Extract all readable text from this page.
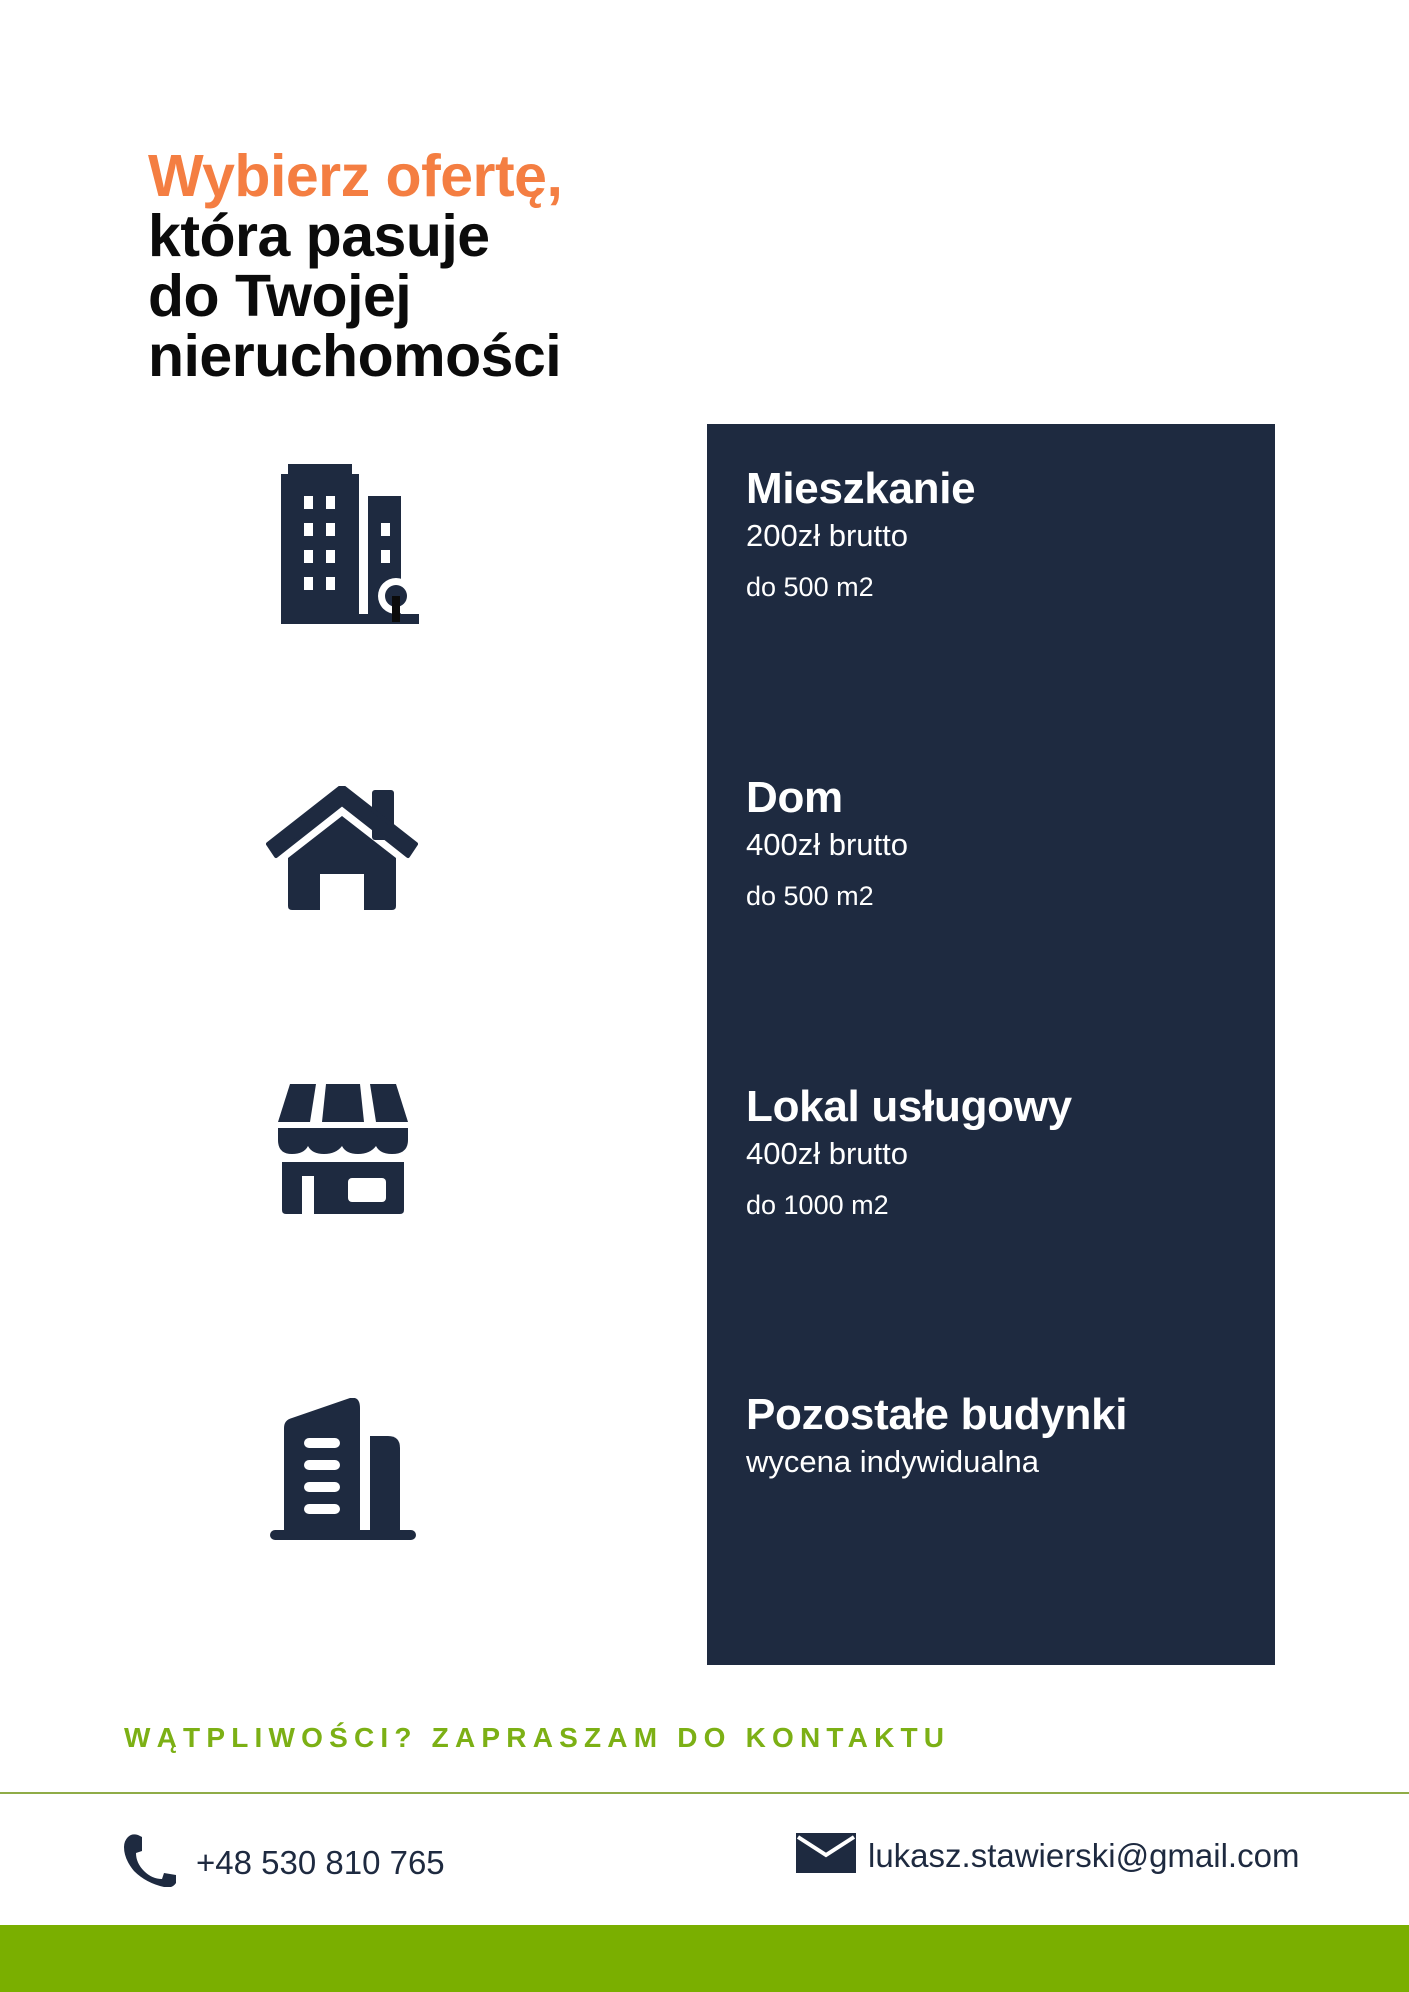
Wybierz ofertę,
która pasuje
do Twojej
nieruchomości
Mieszkanie
200zł brutto
do 500 m2
Dom
400zł brutto
do 500 m2
Lokal usługowy
400zł brutto
do 1000 m2
Pozostałe budynki
wycena indywidualna
WĄTPLIWOŚCI? ZAPRASZAM DO KONTAKTU
+48 530 810 765	lukasz.stawierski@gmail.com
